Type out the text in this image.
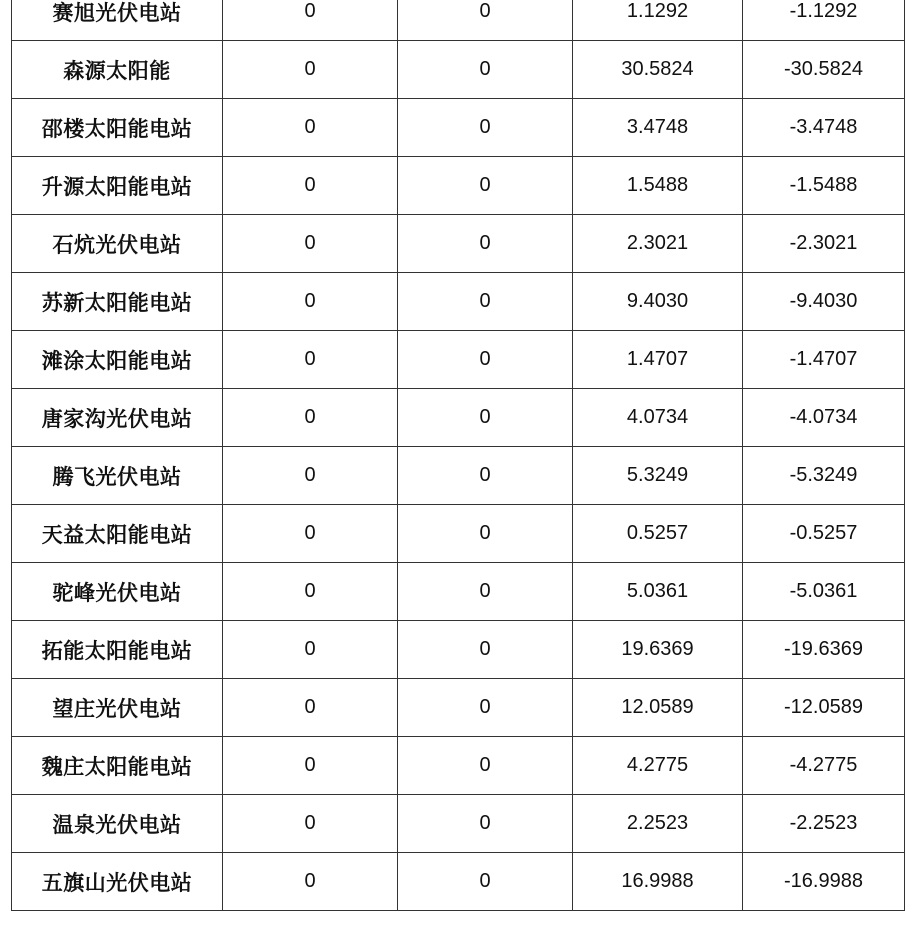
赛旭光伏电站	0	0	1.1292	-1.1292
森源太阳能	0	0	30.5824	-30.5824
邵楼太阳能电站	0	0	3.4748	-3.4748
升源太阳能电站	0	0	1.5488	-1.5488
石炕光伏电站	0	0	2.3021	-2.3021
苏新太阳能电站	0	0	9.4030	-9.4030
滩涂太阳能电站	0	0	1.4707	-1.4707
唐家沟光伏电站	0	0	4.0734	-4.0734
腾飞光伏电站	0	0	5.3249	-5.3249
天益太阳能电站	0	0	0.5257	-0.5257
驼峰光伏电站	0	0	5.0361	-5.0361
拓能太阳能电站	0	0	19.6369	-19.6369
望庄光伏电站	0	0	12.0589	-12.0589
魏庄太阳能电站	0	0	4.2775	-4.2775
温泉光伏电站	0	0	2.2523	-2.2523
五旗山光伏电站	0	0	16.9988	-16.9988
